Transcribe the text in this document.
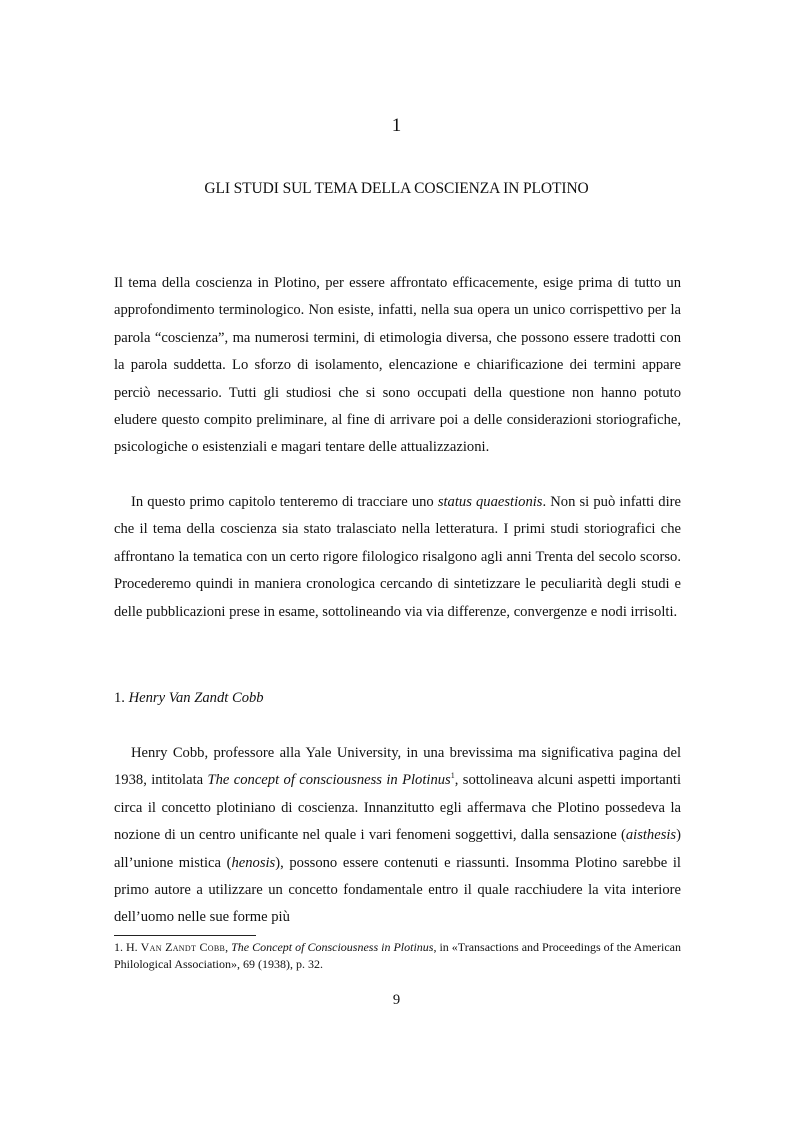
1
GLI STUDI SUL TEMA DELLA COSCIENZA IN PLOTINO

Il tema della coscienza in Plotino, per essere affrontato efficacemente, esige prima di tutto un approfondimento terminologico. Non esiste, infatti, nella sua opera un unico corrispettivo per la parola “coscienza”, ma numerosi termini, di etimologia diversa, che possono essere tradotti con la parola suddetta. Lo sforzo di isolamento, elencazione e chiarificazione dei termini appare perciò necessario. Tutti gli studiosi che si sono occupati della questione non hanno potuto eludere questo compito preliminare, al fine di arrivare poi a delle considerazioni storiografiche, psicologiche o esistenziali e magari tentare delle attualizzazioni.

In questo primo capitolo tenteremo di tracciare uno status quaestionis. Non si può infatti dire che il tema della coscienza sia stato tralasciato nella letteratura. I primi studi storiografici che affrontano la tematica con un certo rigore filologico risalgono agli anni Trenta del secolo scorso. Procederemo quindi in maniera cronologica cercando di sintetizzare le peculiarità degli studi e delle pubblicazioni prese in esame, sottolineando via via differenze, convergenze e nodi irrisolti.

1. Henry Van Zandt Cobb
Henry Cobb, professore alla Yale University, in una brevissima ma significativa pagina del 1938, intitolata The concept of consciousness in Plotinus$^1$, sottolineava alcuni aspetti importanti circa il concetto plotiniano di coscienza. Innanzitutto egli affermava che Plotino possedeva la nozione di un centro unificante nel quale i vari fenomeni soggettivi, dalla sensazione (aisthesis) all’unione mistica (henosis), possono essere contenuti e riassunti. Insomma Plotino sarebbe il primo autore a utilizzare un concetto fondamentale entro il quale racchiudere la vita interiore dell’uomo nelle sue forme più
1. H. Van Zandt Cobb, The Concept of Consciousness in Plotinus, in «Transactions and Proceedings of the American Philological Association», 69 (1938), p. 32.
9
